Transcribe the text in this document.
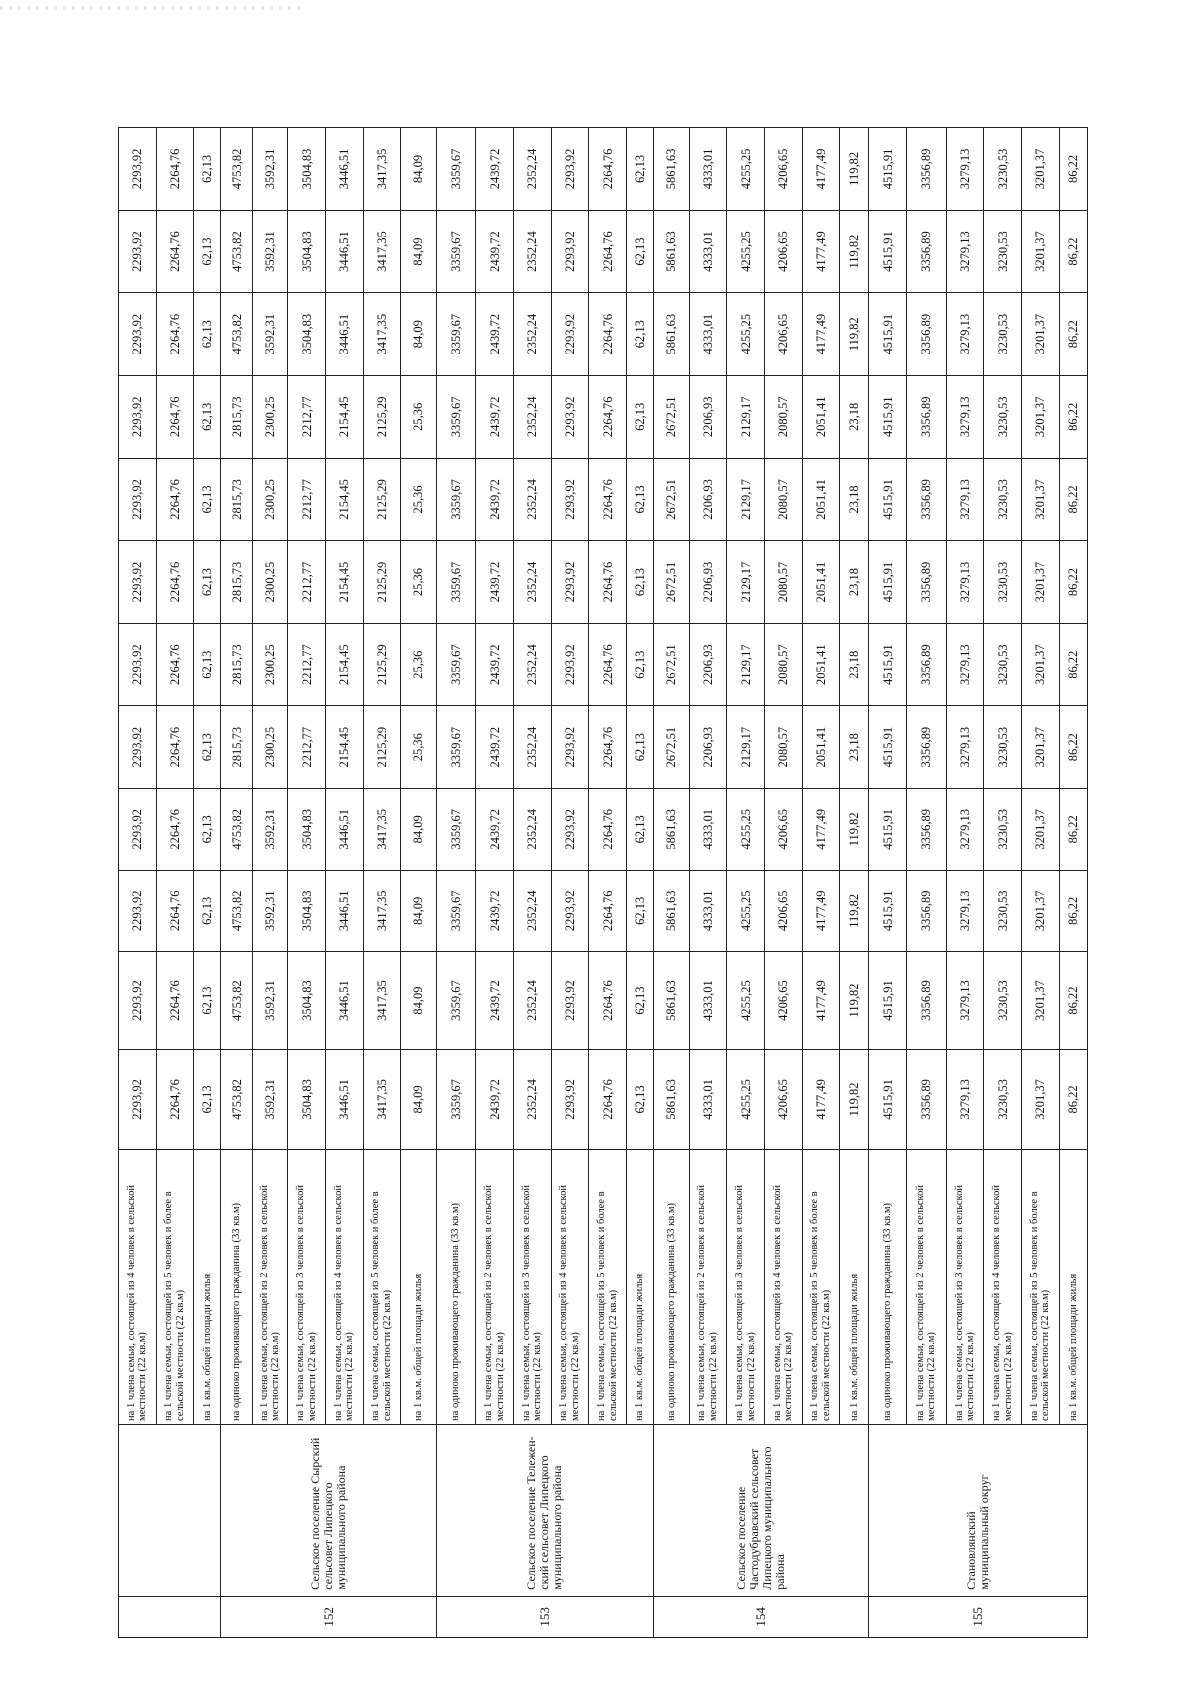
		на 1 члена семьи, состоящей из 4 человек в сельской местности (22 кв.м)	2293,92	2293,92	2293,92	2293,92	2293,92	2293,92	2293,92	2293,92	2293,92	2293,92	2293,92	2293,92
		на 1 члена семьи, состоящей из 5 человек и более в сельской местности (22 кв.м)	2264,76	2264,76	2264,76	2264,76	2264,76	2264,76	2264,76	2264,76	2264,76	2264,76	2264,76	2264,76
		на 1 кв.м. общей площади жилья	62,13	62,13	62,13	62,13	62,13	62,13	62,13	62,13	62,13	62,13	62,13	62,13
152	Сельское поселение Сырский сельсовет Липецкого муниципального района	на одиноко проживающего гражданина (33 кв.м)	4753,82	4753,82	4753,82	4753,82	2815,73	2815,73	2815,73	2815,73	2815,73	4753,82	4753,82	4753,82
		на 1 члена семьи, состоящей из 2 человек в сельской местности (22 кв.м)	3592,31	3592,31	3592,31	3592,31	2300,25	2300,25	2300,25	2300,25	2300,25	3592,31	3592,31	3592,31
		на 1 члена семьи, состоящей из 3 человек в сельской местности (22 кв.м)	3504,83	3504,83	3504,83	3504,83	2212,77	2212,77	2212,77	2212,77	2212,77	3504,83	3504,83	3504,83
		на 1 члена семьи, состоящей из 4 человек в сельской местности (22 кв.м)	3446,51	3446,51	3446,51	3446,51	2154,45	2154,45	2154,45	2154,45	2154,45	3446,51	3446,51	3446,51
		на 1 члена семьи, состоящей из 5 человек и более в сельской местности (22 кв.м)	3417,35	3417,35	3417,35	3417,35	2125,29	2125,29	2125,29	2125,29	2125,29	3417,35	3417,35	3417,35
		на 1 кв.м. общей площади жилья	84,09	84,09	84,09	84,09	25,36	25,36	25,36	25,36	25,36	84,09	84,09	84,09
153	Сельское поселение Тележенский сельсовет Липецкого муниципального района	на одиноко проживающего гражданина (33 кв.м)	3359,67	3359,67	3359,67	3359,67	3359,67	3359,67	3359,67	3359,67	3359,67	3359,67	3359,67	3359,67
		на 1 члена семьи, состоящей из 2 человек в сельской местности (22 кв.м)	2439,72	2439,72	2439,72	2439,72	2439,72	2439,72	2439,72	2439,72	2439,72	2439,72	2439,72	2439,72
		на 1 члена семьи, состоящей из 3 человек в сельской местности (22 кв.м)	2352,24	2352,24	2352,24	2352,24	2352,24	2352,24	2352,24	2352,24	2352,24	2352,24	2352,24	2352,24
		на 1 члена семьи, состоящей из 4 человек в сельской местности (22 кв.м)	2293,92	2293,92	2293,92	2293,92	2293,92	2293,92	2293,92	2293,92	2293,92	2293,92	2293,92	2293,92
		на 1 члена семьи, состоящей из 5 человек и более в сельской местности (22 кв.м)	2264,76	2264,76	2264,76	2264,76	2264,76	2264,76	2264,76	2264,76	2264,76	2264,76	2264,76	2264,76
		на 1 кв.м. общей площади жилья	62,13	62,13	62,13	62,13	62,13	62,13	62,13	62,13	62,13	62,13	62,13	62,13
154	Сельское поселение Частодубравский сельсовет Липецкого муниципального района	на одиноко проживающего гражданина (33 кв.м)	5861,63	5861,63	5861,63	5861,63	2672,51	2672,51	2672,51	2672,51	2672,51	5861,63	5861,63	5861,63
		на 1 члена семьи, состоящей из 2 человек в сельской местности (22 кв.м)	4333,01	4333,01	4333,01	4333,01	2206,93	2206,93	2206,93	2206,93	2206,93	4333,01	4333,01	4333,01
		на 1 члена семьи, состоящей из 3 человек в сельской местности (22 кв.м)	4255,25	4255,25	4255,25	4255,25	2129,17	2129,17	2129,17	2129,17	2129,17	4255,25	4255,25	4255,25
		на 1 члена семьи, состоящей из 4 человек в сельской местности (22 кв.м)	4206,65	4206,65	4206,65	4206,65	2080,57	2080,57	2080,57	2080,57	2080,57	4206,65	4206,65	4206,65
		на 1 члена семьи, состоящей из 5 человек и более в сельской местности (22 кв.м)	4177,49	4177,49	4177,49	4177,49	2051,41	2051,41	2051,41	2051,41	2051,41	4177,49	4177,49	4177,49
		на 1 кв.м. общей площади жилья	119,82	119,82	119,82	119,82	23,18	23,18	23,18	23,18	23,18	119,82	119,82	119,82
155	Становлянский муниципальный округ	на одиноко проживающего гражданина (33 кв.м)	4515,91	4515,91	4515,91	4515,91	4515,91	4515,91	4515,91	4515,91	4515,91	4515,91	4515,91	4515,91
		на 1 члена семьи, состоящей из 2 человек в сельской местности (22 кв.м)	3356,89	3356,89	3356,89	3356,89	3356,89	3356,89	3356,89	3356,89	3356,89	3356,89	3356,89	3356,89
		на 1 члена семьи, состоящей из 3 человек в сельской местности (22 кв.м)	3279,13	3279,13	3279,13	3279,13	3279,13	3279,13	3279,13	3279,13	3279,13	3279,13	3279,13	3279,13
		на 1 члена семьи, состоящей из 4 человек в сельской местности (22 кв.м)	3230,53	3230,53	3230,53	3230,53	3230,53	3230,53	3230,53	3230,53	3230,53	3230,53	3230,53	3230,53
		на 1 члена семьи, состоящей из 5 человек и более в сельской местности (22 кв.м)	3201,37	3201,37	3201,37	3201,37	3201,37	3201,37	3201,37	3201,37	3201,37	3201,37	3201,37	3201,37
		на 1 кв.м. общей площади жилья	86,22	86,22	86,22	86,22	86,22	86,22	86,22	86,22	86,22	86,22	86,22	86,22
